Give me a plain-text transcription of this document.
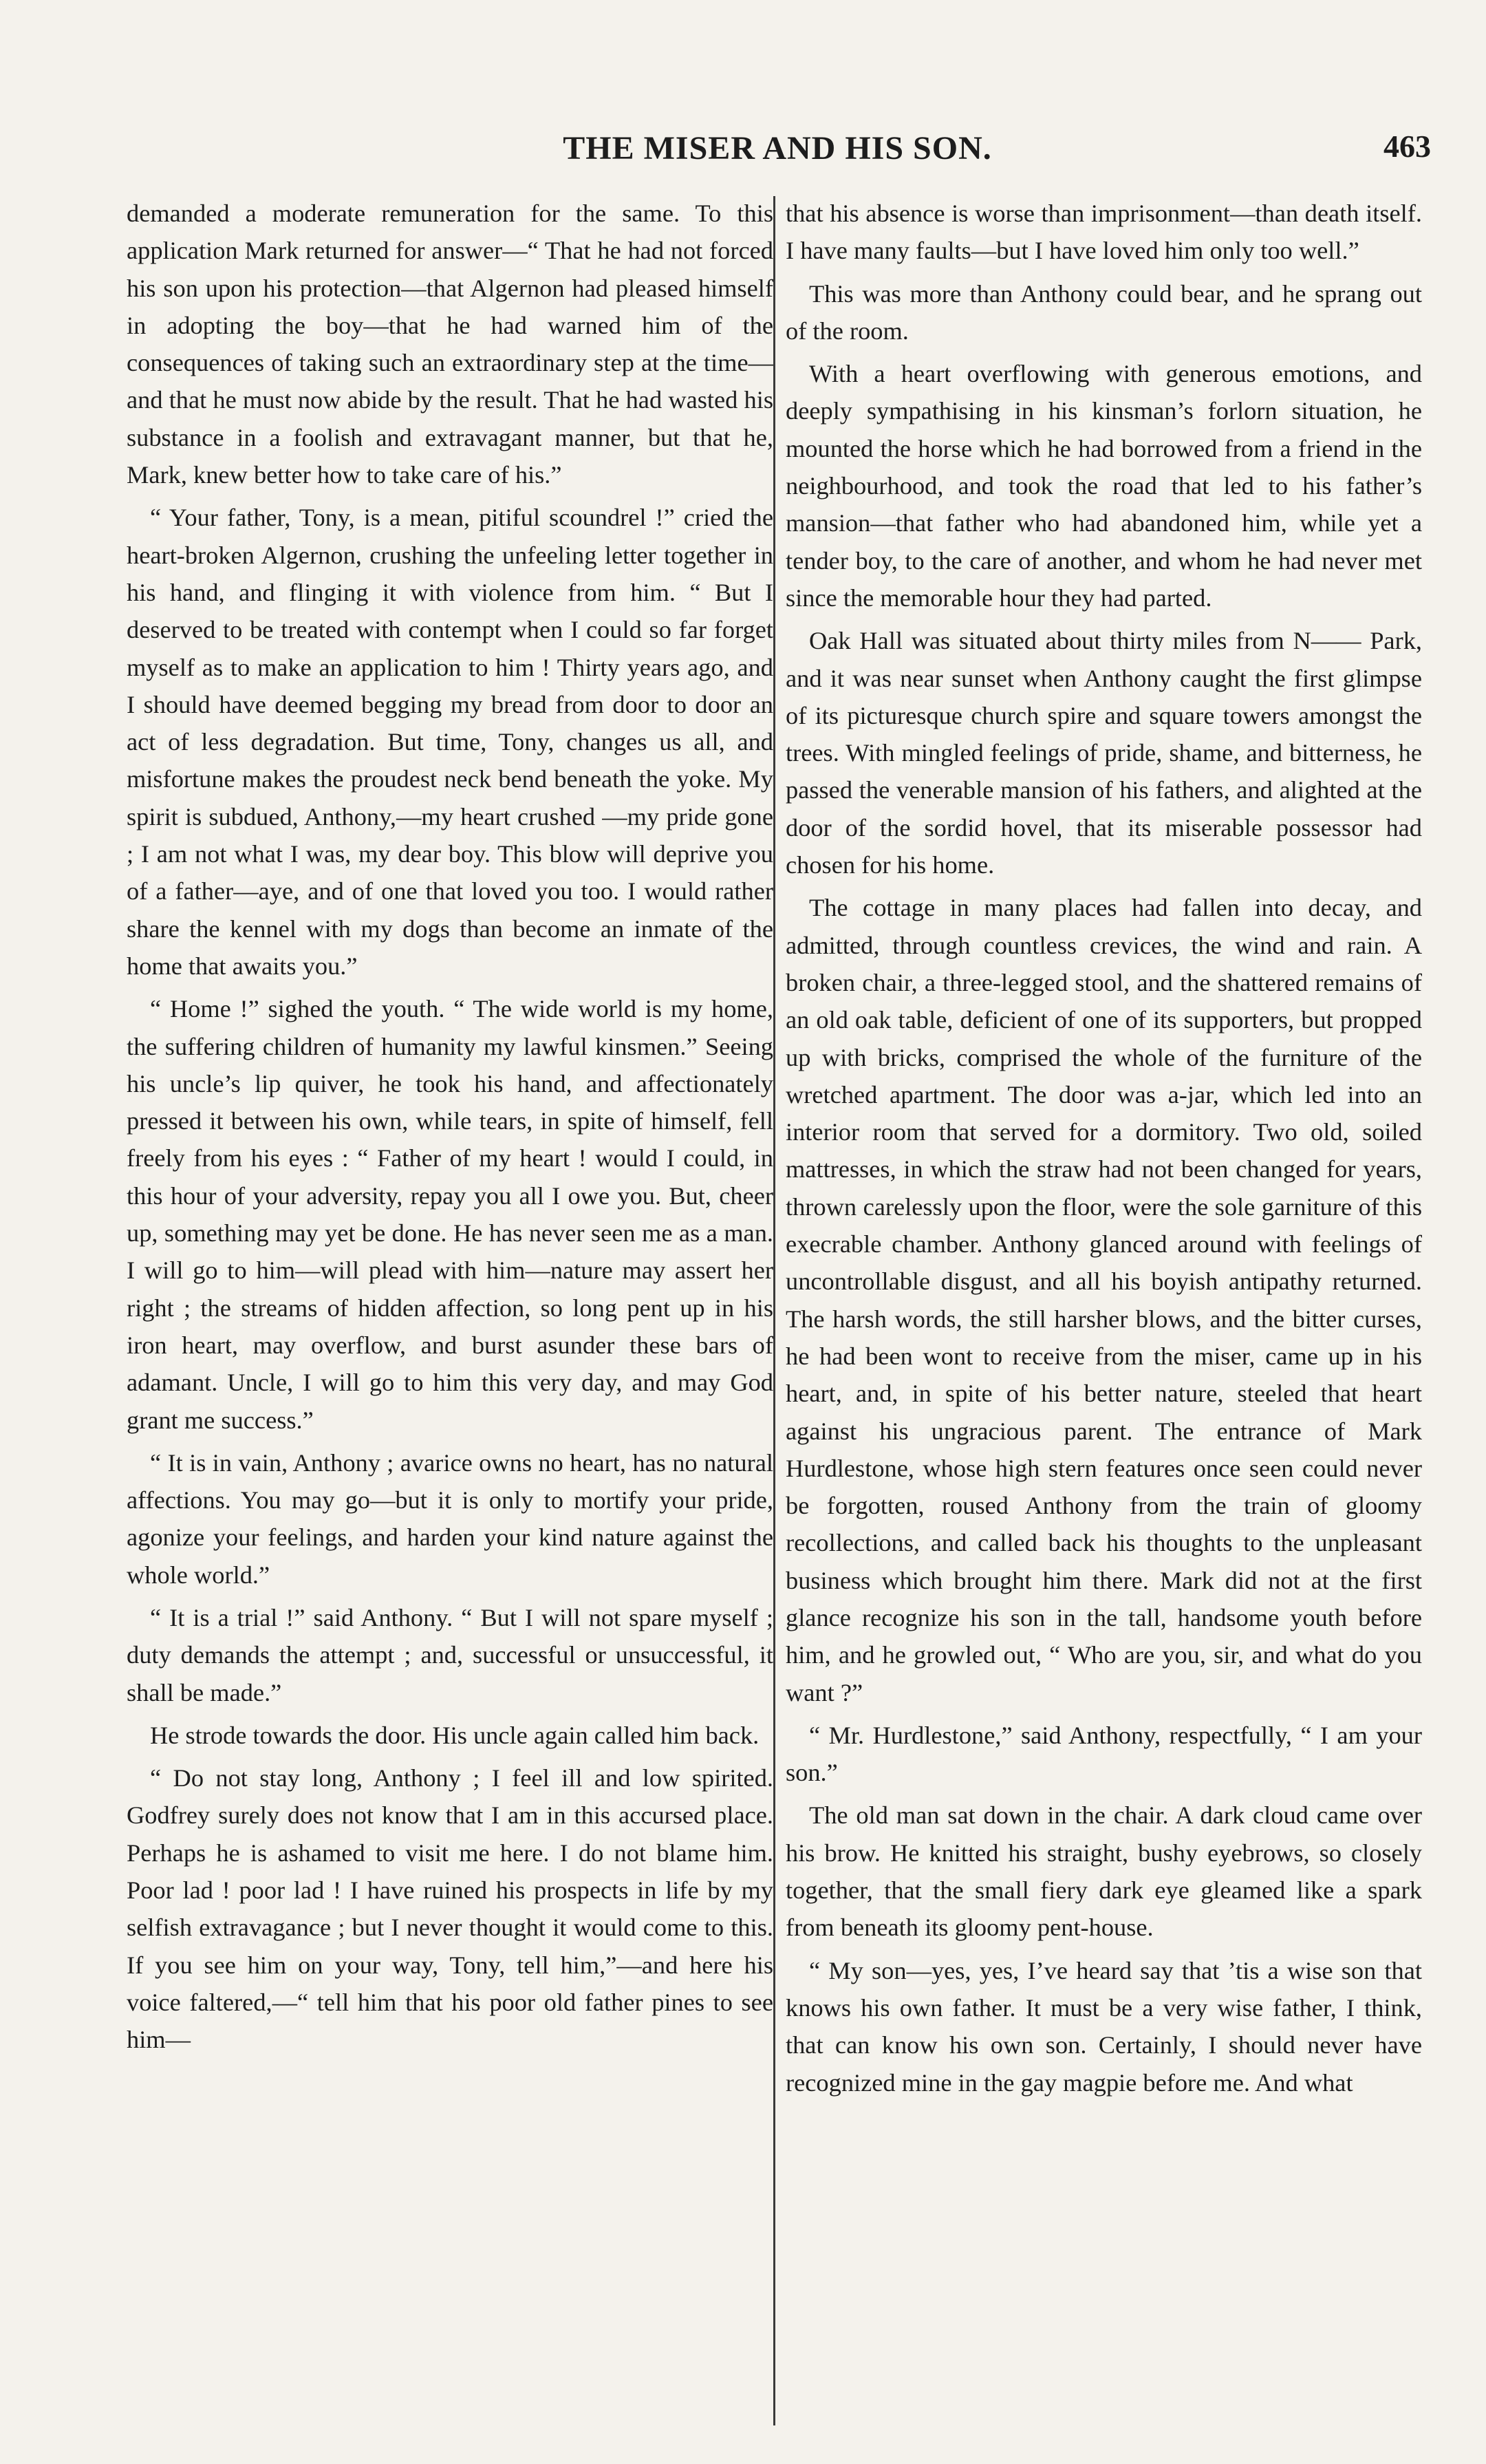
THE MISER AND HIS SON.	463

demanded a moderate remuneration for the same. To this application Mark returned for answer—“ That he had not forced his son upon his protection—that Algernon had pleased himself in adopting the boy—that he had warned him of the consequences of taking such an extraordinary step at the time—and that he must now abide by the result. That he had wasted his substance in a foolish and extravagant manner, but that he, Mark, knew better how to take care of his.”

“ Your father, Tony, is a mean, pitiful scoundrel !” cried the heart-broken Algernon, crushing the unfeeling letter together in his hand, and flinging it with violence from him. “ But I deserved to be treated with contempt when I could so far forget myself as to make an application to him ! Thirty years ago, and I should have deemed begging my bread from door to door an act of less degradation. But time, Tony, changes us all, and misfortune makes the proudest neck bend beneath the yoke. My spirit is subdued, Anthony,—my heart crushed —my pride gone ; I am not what I was, my dear boy. This blow will deprive you of a father—aye, and of one that loved you too. I would rather share the kennel with my dogs than become an inmate of the home that awaits you.”

“ Home !” sighed the youth. “ The wide world is my home, the suffering children of humanity my lawful kinsmen.” Seeing his uncle’s lip quiver, he took his hand, and affectionately pressed it between his own, while tears, in spite of himself, fell freely from his eyes : “ Father of my heart ! would I could, in this hour of your adversity, repay you all I owe you. But, cheer up, something may yet be done. He has never seen me as a man. I will go to him—will plead with him—nature may assert her right ; the streams of hidden affection, so long pent up in his iron heart, may overflow, and burst asunder these bars of adamant. Uncle, I will go to him this very day, and may God grant me success.”

“ It is in vain, Anthony ; avarice owns no heart, has no natural affections. You may go—but it is only to mortify your pride, agonize your feelings, and harden your kind nature against the whole world.”

“ It is a trial !” said Anthony. “ But I will not spare myself ; duty demands the attempt ; and, successful or unsuccessful, it shall be made.”

He strode towards the door. His uncle again called him back.

“ Do not stay long, Anthony ; I feel ill and low spirited. Godfrey surely does not know that I am in this accursed place. Perhaps he is ashamed to visit me here. I do not blame him. Poor lad ! poor lad ! I have ruined his prospects in life by my selfish extravagance ; but I never thought it would come to this. If you see him on your way, Tony, tell him,”—and here his voice faltered,—“ tell him that his poor old father pines to see him—

that his absence is worse than imprisonment—than death itself. I have many faults—but I have loved him only too well.”

This was more than Anthony could bear, and he sprang out of the room.

With a heart overflowing with generous emotions, and deeply sympathising in his kinsman’s forlorn situation, he mounted the horse which he had borrowed from a friend in the neighbourhood, and took the road that led to his father’s mansion—that father who had abandoned him, while yet a tender boy, to the care of another, and whom he had never met since the memorable hour they had parted.

Oak Hall was situated about thirty miles from N—— Park, and it was near sunset when Anthony caught the first glimpse of its picturesque church spire and square towers amongst the trees. With mingled feelings of pride, shame, and bitterness, he passed the venerable mansion of his fathers, and alighted at the door of the sordid hovel, that its miserable possessor had chosen for his home.

The cottage in many places had fallen into decay, and admitted, through countless crevices, the wind and rain. A broken chair, a three-legged stool, and the shattered remains of an old oak table, deficient of one of its supporters, but propped up with bricks, comprised the whole of the furniture of the wretched apartment. The door was a-jar, which led into an interior room that served for a dormitory. Two old, soiled mattresses, in which the straw had not been changed for years, thrown carelessly upon the floor, were the sole garniture of this execrable chamber. Anthony glanced around with feelings of uncontrollable disgust, and all his boyish antipathy returned. The harsh words, the still harsher blows, and the bitter curses, he had been wont to receive from the miser, came up in his heart, and, in spite of his better nature, steeled that heart against his ungracious parent. The entrance of Mark Hurdlestone, whose high stern features once seen could never be forgotten, roused Anthony from the train of gloomy recollections, and called back his thoughts to the unpleasant business which brought him there. Mark did not at the first glance recognize his son in the tall, handsome youth before him, and he growled out, “ Who are you, sir, and what do you want ?”

“ Mr. Hurdlestone,” said Anthony, respectfully, “ I am your son.”

The old man sat down in the chair. A dark cloud came over his brow. He knitted his straight, bushy eyebrows, so closely together, that the small fiery dark eye gleamed like a spark from beneath its gloomy pent-house.

“ My son—yes, yes, I’ve heard say that ’tis a wise son that knows his own father. It must be a very wise father, I think, that can know his own son. Certainly, I should never have recognized mine in the gay magpie before me. And what
